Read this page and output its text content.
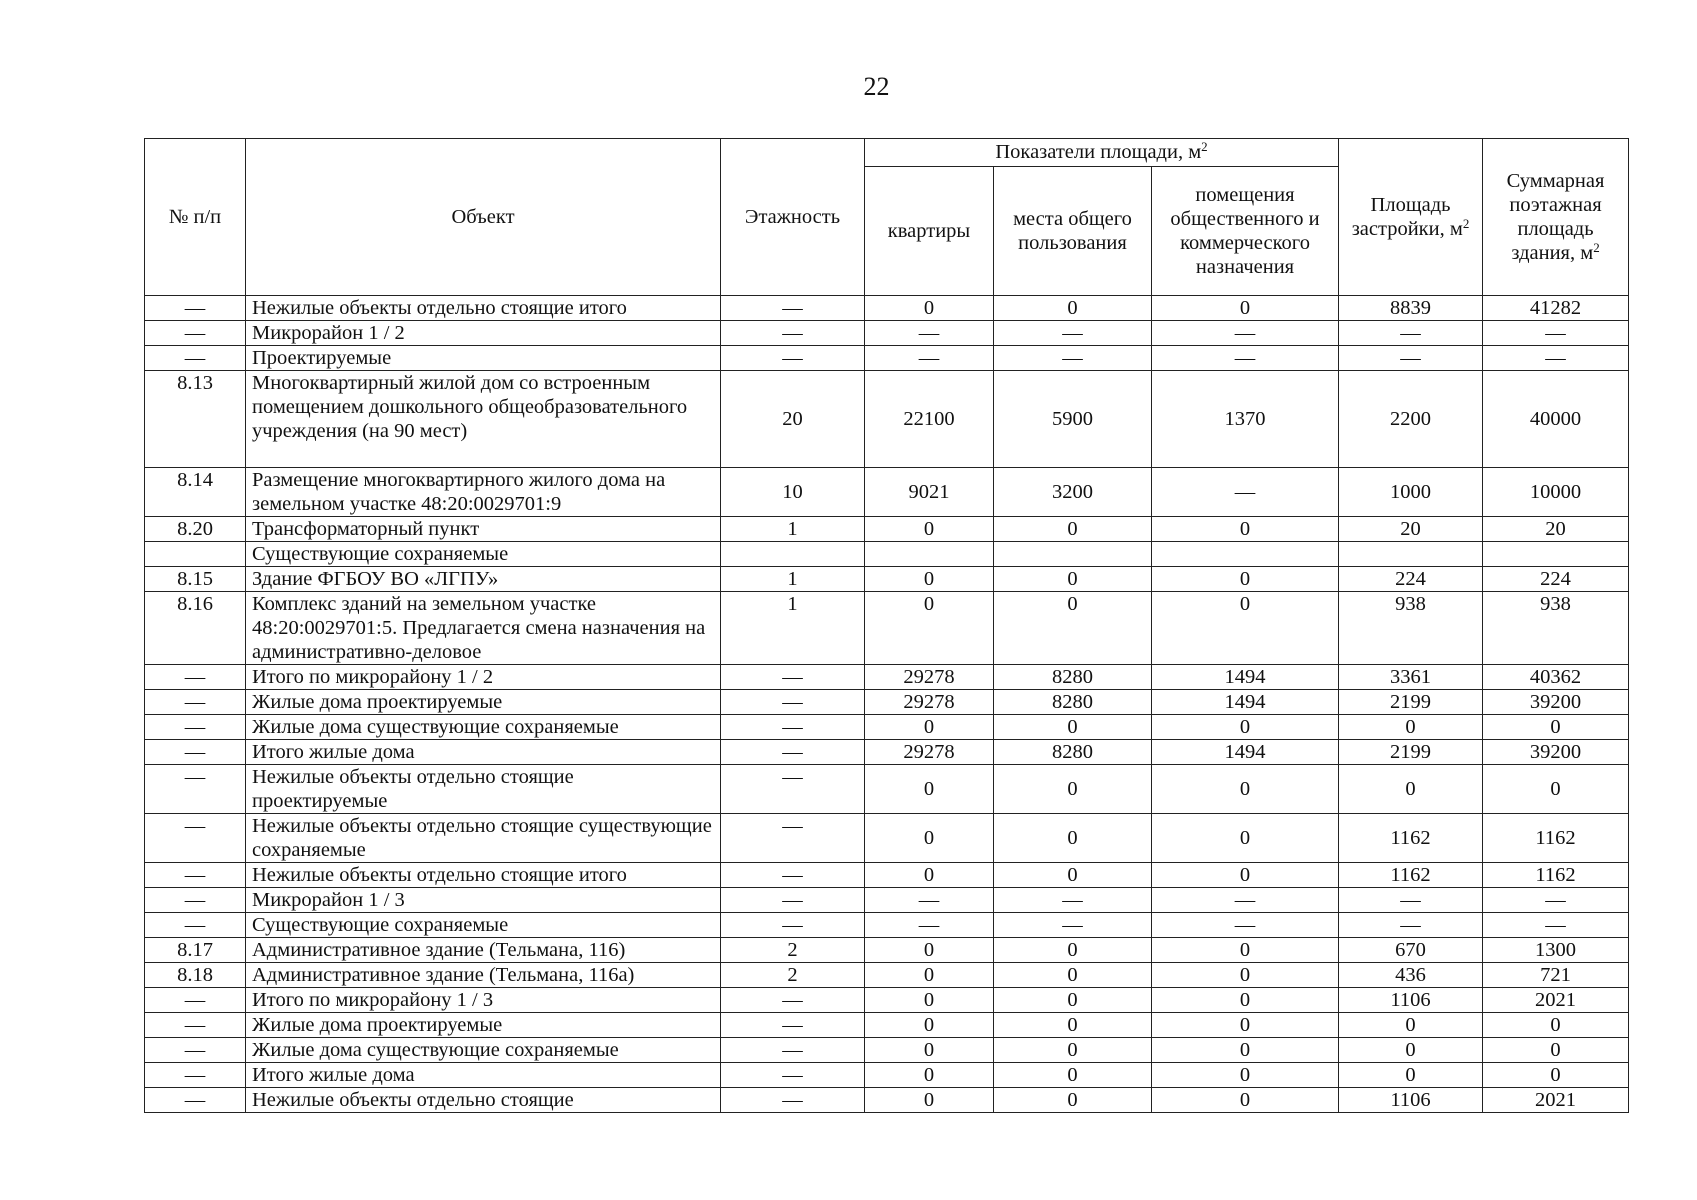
22
№ п/п	Объект	Этажность	Показатели площади, $м^2$			Площадь застройки, $м^2$	Суммарная поэтажная площадь здания, $м^2$
			квартиры	места общего пользования	помещения общественного и коммерческого назначения		
—	Нежилые объекты отдельно стоящие итого	—	0	0	0	8839	41282
—	Микрорайон 1 / 2	—	—	—	—	—	—
—	Проектируемые	—	—	—	—	—	—
8.13	Многоквартирный жилой дом со встроенным помещением дошкольного общеобразовательного учреждения (на 90 мест)	20	22100	5900	1370	2200	40000
8.14	Размещение многоквартирного жилого дома на земельном участке 48:20:0029701:9	10	9021	3200	—	1000	10000
8.20	Трансформаторный пункт	1	0	0	0	20	20
	Существующие сохраняемые						
8.15	Здание ФГБОУ ВО «ЛГПУ»	1	0	0	0	224	224
8.16	Комплекс зданий на земельном участке 48:20:0029701:5. Предлагается смена назначения на административно-деловое	1	0	0	0	938	938
—	Итого по микрорайону 1 / 2	—	29278	8280	1494	3361	40362
—	Жилые дома проектируемые	—	29278	8280	1494	2199	39200
—	Жилые дома существующие сохраняемые	—	0	0	0	0	0
—	Итого жилые дома	—	29278	8280	1494	2199	39200
—	Нежилые объекты отдельно стоящие проектируемые	—	0	0	0	0	0
—	Нежилые объекты отдельно стоящие существующие сохраняемые	—	0	0	0	1162	1162
—	Нежилые объекты отдельно стоящие итого	—	0	0	0	1162	1162
—	Микрорайон 1 / 3	—	—	—	—	—	—
—	Существующие сохраняемые	—	—	—	—	—	—
8.17	Административное здание (Тельмана, 116)	2	0	0	0	670	1300
8.18	Административное здание (Тельмана, 116а)	2	0	0	0	436	721
—	Итого по микрорайону 1 / 3	—	0	0	0	1106	2021
—	Жилые дома проектируемые	—	0	0	0	0	0
—	Жилые дома существующие сохраняемые	—	0	0	0	0	0
—	Итого жилые дома	—	0	0	0	0	0
—	Нежилые объекты отдельно стоящие	—	0	0	0	1106	2021
